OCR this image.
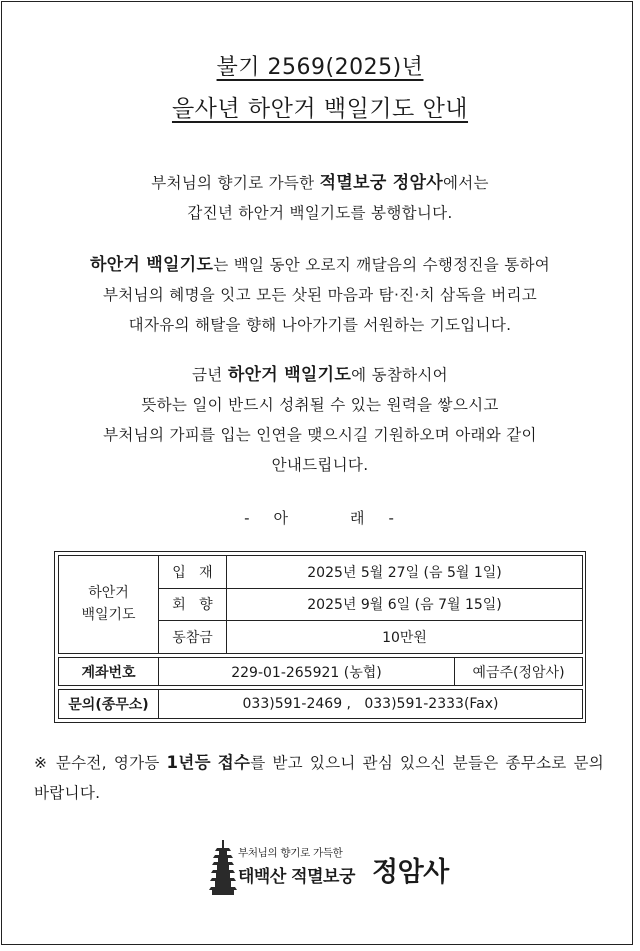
불기 2569(2025)년
을사년 하안거 백일기도 안내
부처님의 향기로 가득한 적멸보궁 정암사에서는
갑진년 하안거 백일기도를 봉행합니다.
하안거 백일기도는 백일 동안 오로지 깨달음의 수행정진을 통하여
부처님의 혜명을 잇고 모든 삿된 마음과 탐·진·치 삼독을 버리고
대자유의 해탈을 향해 나아가기를 서원하는 기도입니다.
금년 하안거 백일기도에 동참하시어
뜻하는 일이 반드시 성취될 수 있는 원력을 쌓으시고
부처님의 가피를 입는 인연을 맺으시길 기원하오며 아래와 같이
안내드립니다.
- 아	래 -
하안거
백일기도	입   재	2025년 5월 27일 (음 5월 1일)	
	회   향	2025년 9월 6일 (음 7월 15일)	
	동참금	10만원	

계좌번호	229-01-265921 (농협)		예금주(정암사)

문의(종무소)	033)591-2469 ,   033)591-2333(Fax)		
※ 문수전, 영가등 1년등 접수를 받고 있으니 관심 있으신 분들은 종무소로 문의 바랍니다.
부처님의 향기로 가득한
태백산 적멸보궁 정암사
